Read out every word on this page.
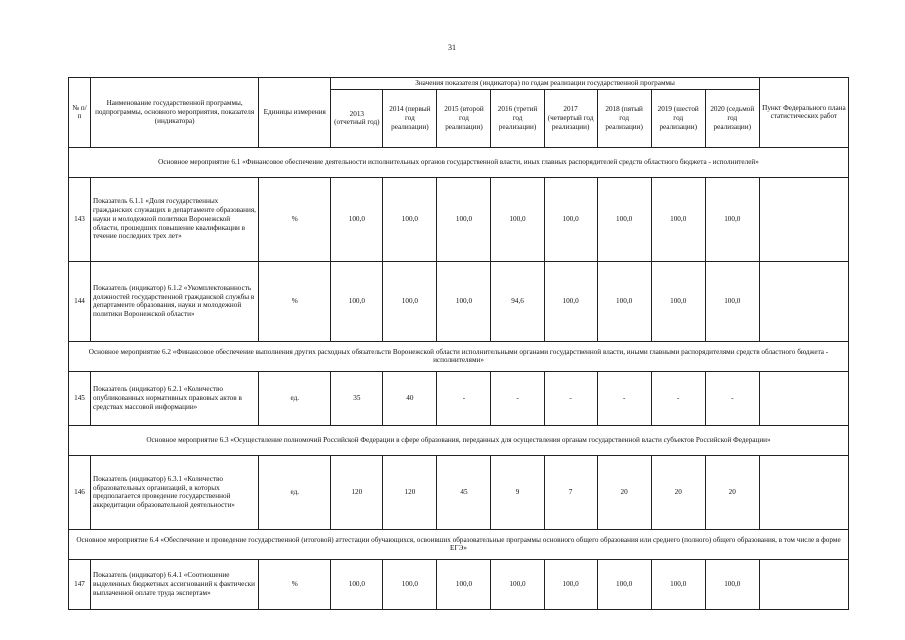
31
№ п/п	Наименование государственной программы, подпрограммы, основного мероприятия, показателя (индикатора)	Единицы измерения	Значения показателя (индикатора) по годам реализации государственной программы								Пункт Федерального плана статистических работ
			2013 (отчетный год)	2014 (первый год реализации)	2015 (второй год реализации)	2016 (третий год реализации)	2017 (четвертый год реализации)	2018 (пятый год реализации)	2019 (шестой год реализации)	2020 (седьмой год реализации)	
Основное мероприятие 6.1 «Финансовое обеспечение деятельности исполнительных органов государственной власти, иных главных распорядителей средств областного бюджета - исполнителей»											
143	Показатель 6.1.1 «Доля государственных гражданских служащих в департаменте образования, науки и молодежной политики Воронежской области, прошедших повышение квалификации в течение последних трех лет»	%	100,0	100,0	100,0	100,0	100,0	100,0	100,0	100,0	
144	Показатель (индикатор) 6.1.2 «Укомплектованность должностей государственной гражданской службы в департаменте образования, науки и молодежной политики Воронежской области»	%	100,0	100,0	100,0	94,6	100,0	100,0	100,0	100,0	
Основное мероприятие 6.2 «Финансовое обеспечение выполнения других расходных обязательств Воронежской области исполнительными органами государственной власти, иными главными распорядителями средств областного бюджета - исполнителями»											
145	Показатель (индикатор) 6.2.1 «Количество опубликованных нормативных правовых актов в средствах массовой информации»	ед.	35	40	-	-	-	-	-	-	
Основное мероприятие 6.3 «Осуществление полномочий Российской Федерации в сфере образования, переданных для осуществления органам государственной власти субъектов Российской Федерации»											
146	Показатель (индикатор) 6.3.1 «Количество образовательных организаций, в которых предполагается проведение государственной аккредитации образовательной деятельности»	ед.	120	120	45	9	7	20	20	20	
Основное мероприятие 6.4 «Обеспечение и проведение государственной (итоговой) аттестации обучающихся, освоивших образовательные программы основного общего образования или среднего (полного) общего образования, в том числе в форме ЕГЭ»											
147	Показатель (индикатор) 6.4.1 «Соотношение выделенных бюджетных ассигнований к фактически выплаченной оплате труда экспертам»	%	100,0	100,0	100,0	100,0	100,0	100,0	100,0	100,0	
